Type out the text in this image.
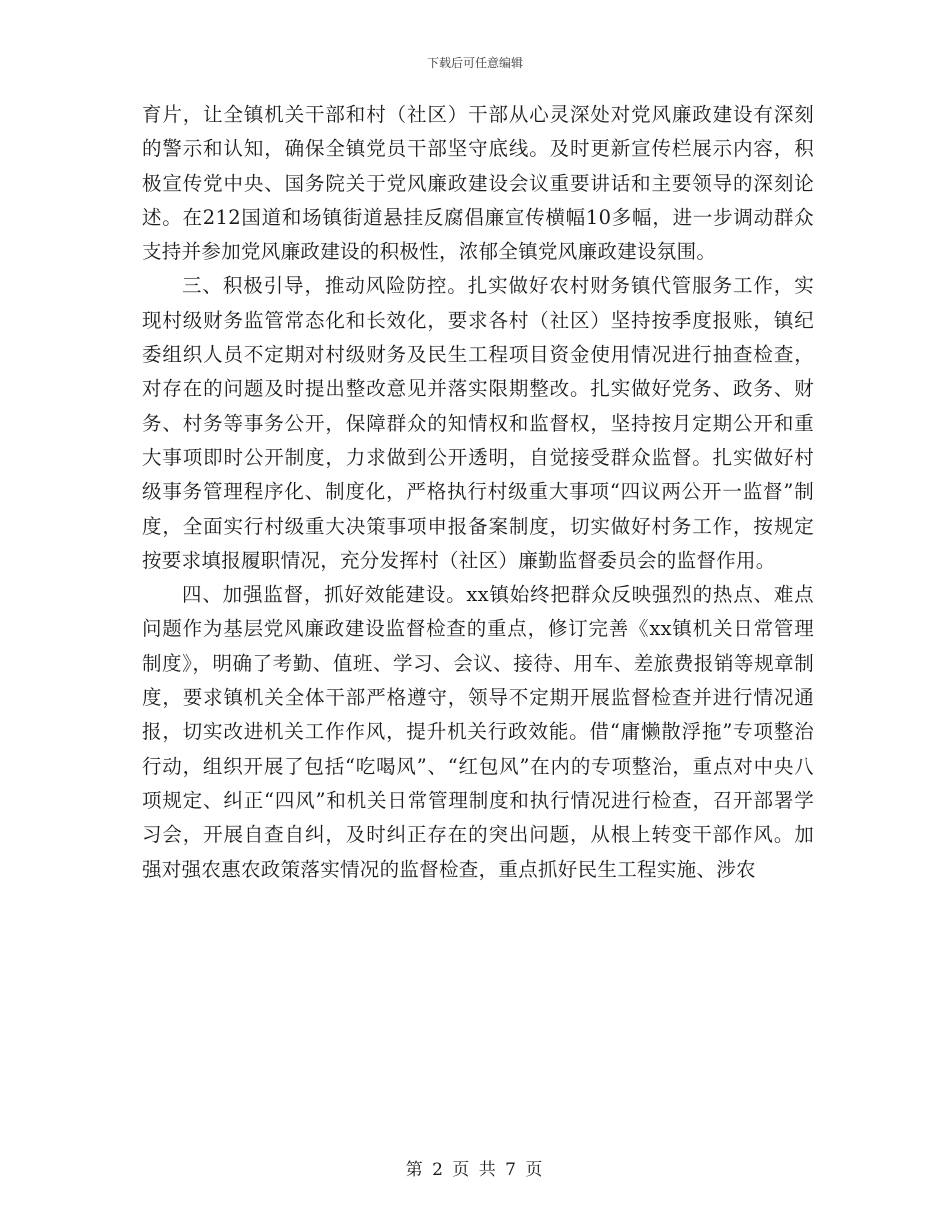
下载后可任意编辑

育片，让全镇机关干部和村（社区）干部从心灵深处对党风廉政建设有深刻的警示和认知，确保全镇党员干部坚守底线。及时更新宣传栏展示内容，积极宣传党中央、国务院关于党风廉政建设会议重要讲话和主要领导的深刻论述。在212国道和场镇街道悬挂反腐倡廉宣传横幅10多幅，进一步调动群众支持并参加党风廉政建设的积极性，浓郁全镇党风廉政建设氛围。

三、积极引导，推动风险防控。扎实做好农村财务镇代管服务工作，实现村级财务监管常态化和长效化，要求各村（社区）坚持按季度报账，镇纪委组织人员不定期对村级财务及民生工程项目资金使用情况进行抽查检查，对存在的问题及时提出整改意见并落实限期整改。扎实做好党务、政务、财务、村务等事务公开，保障群众的知情权和监督权，坚持按月定期公开和重大事项即时公开制度，力求做到公开透明，自觉接受群众监督。扎实做好村级事务管理程序化、制度化，严格执行村级重大事项“四议两公开一监督”制度，全面实行村级重大决策事项申报备案制度，切实做好村务工作，按规定按要求填报履职情况，充分发挥村（社区）廉勤监督委员会的监督作用。

四、加强监督，抓好效能建设。xx镇始终把群众反映强烈的热点、难点问题作为基层党风廉政建设监督检查的重点，修订完善《xx镇机关日常管理制度》，明确了考勤、值班、学习、会议、接待、用车、差旅费报销等规章制度，要求镇机关全体干部严格遵守，领导不定期开展监督检查并进行情况通报，切实改进机关工作作风，提升机关行政效能。借“庸懒散浮拖”专项整治行动，组织开展了包括“吃喝风”、“红包风”在内的专项整治，重点对中央八项规定、纠正“四风”和机关日常管理制度和执行情况进行检查，召开部署学习会，开展自查自纠，及时纠正存在的突出问题，从根上转变干部作风。加强对强农惠农政策落实情况的监督检查，重点抓好民生工程实施、涉农

第 2 页 共 7 页
